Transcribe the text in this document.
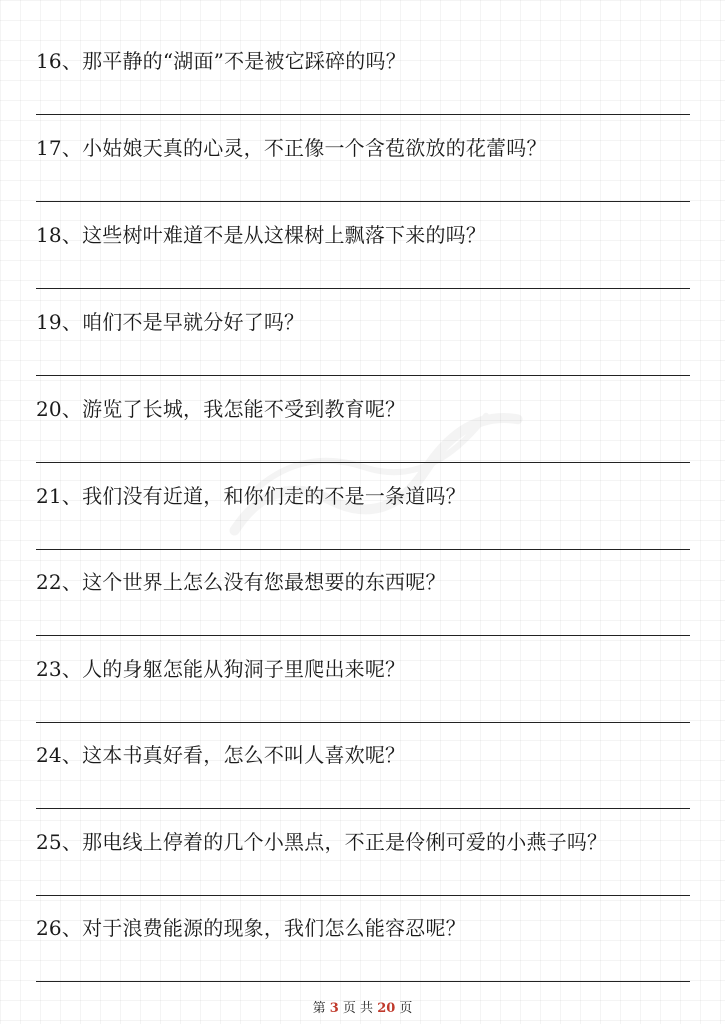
16、那平静的“湖面”不是被它踩碎的吗？
17、小姑娘天真的心灵，不正像一个含苞欲放的花蕾吗？
18、这些树叶难道不是从这棵树上飘落下来的吗？
19、咱们不是早就分好了吗？
20、游览了长城，我怎能不受到教育呢？
21、我们没有近道，和你们走的不是一条道吗？
22、这个世界上怎么没有您最想要的东西呢？
23、人的身躯怎能从狗洞子里爬出来呢？
24、这本书真好看，怎么不叫人喜欢呢？
25、那电线上停着的几个小黑点，不正是伶俐可爱的小燕子吗？
26、对于浪费能源的现象，我们怎么能容忍呢？
第 3 页 共 20 页
